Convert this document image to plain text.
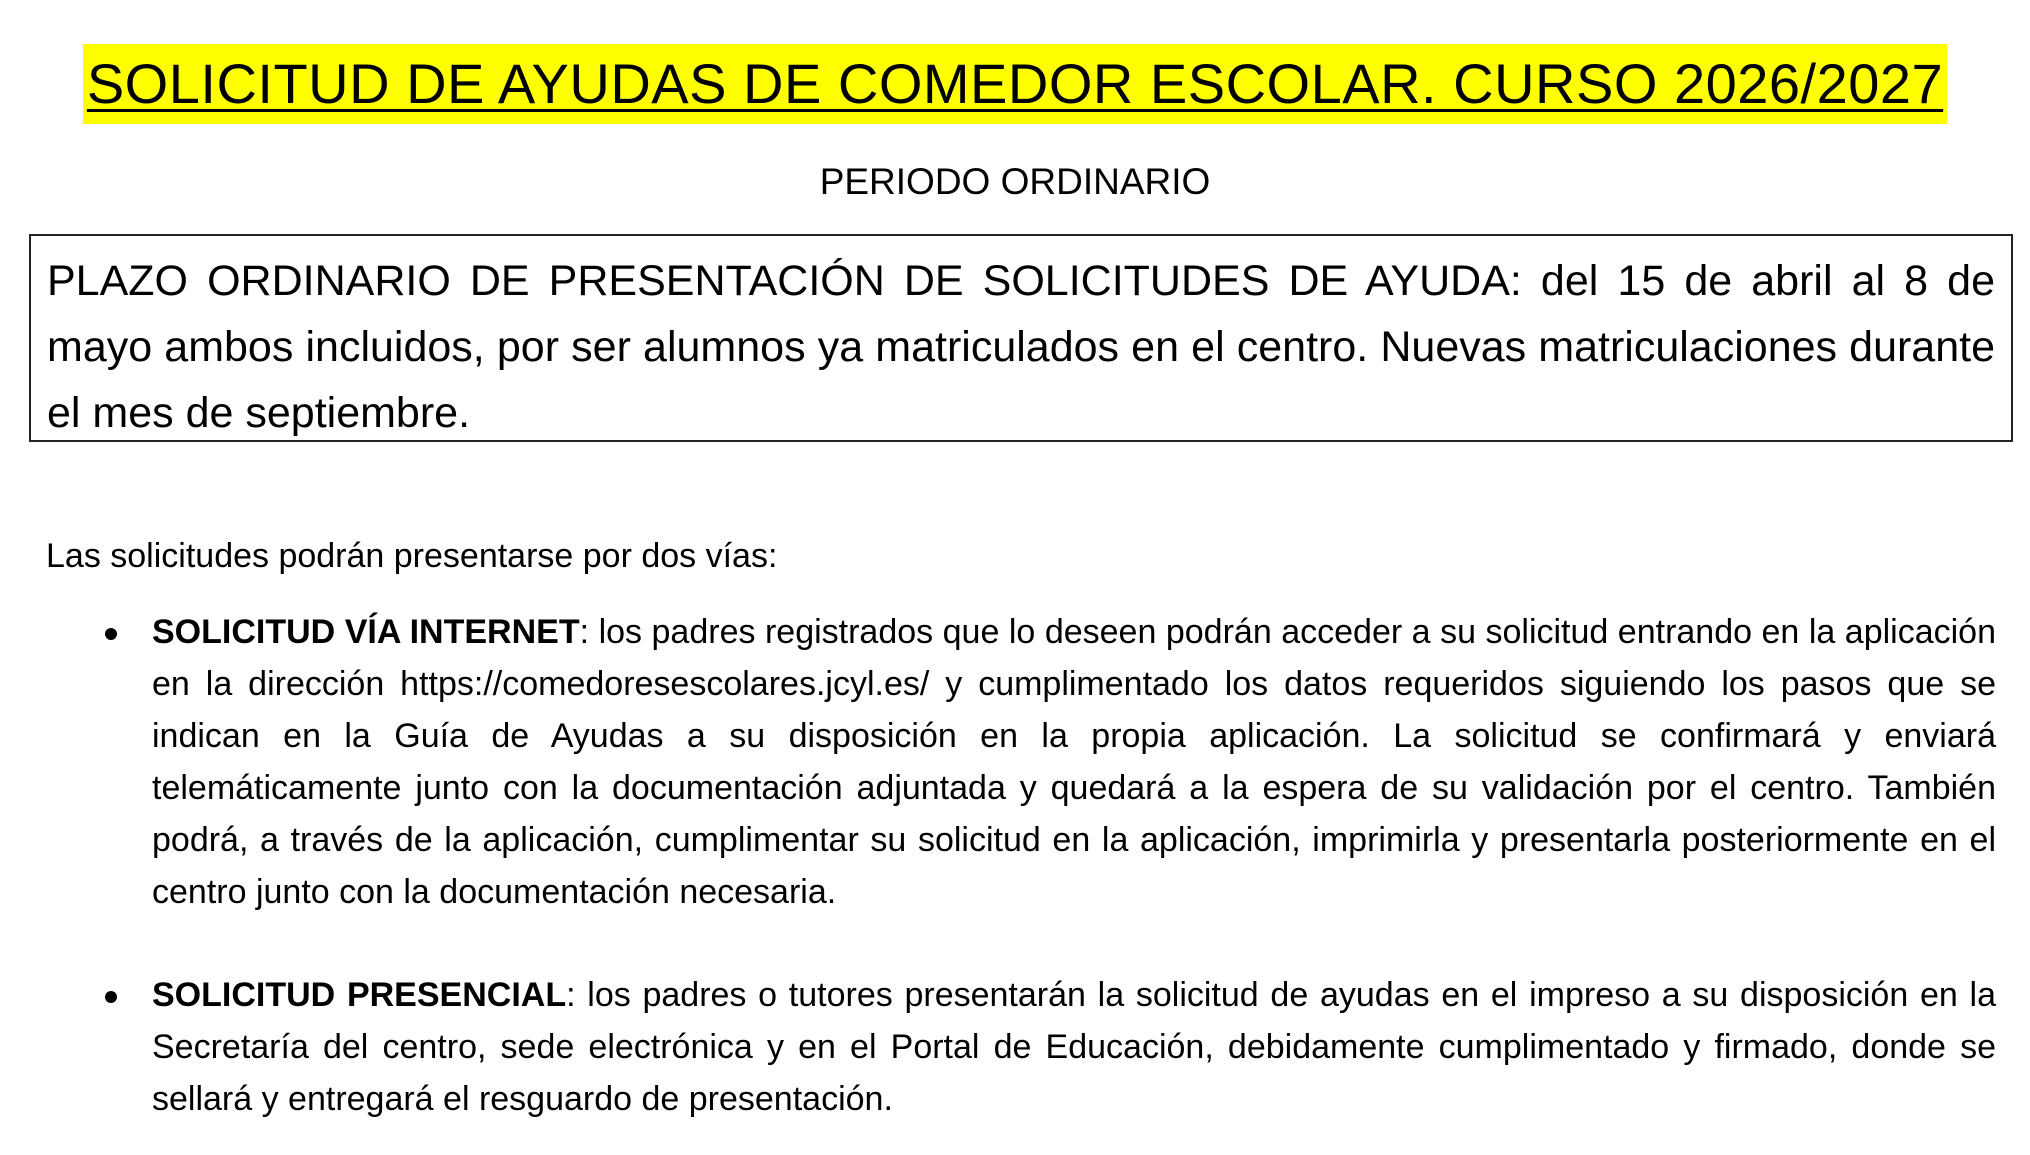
SOLICITUD DE AYUDAS DE COMEDOR ESCOLAR. CURSO 2026/2027
PERIODO ORDINARIO
PLAZO ORDINARIO DE PRESENTACIÓN DE SOLICITUDES DE AYUDA: del 15 de abril al 8 de mayo ambos incluidos, por ser alumnos ya matriculados en el centro. Nuevas matriculaciones durante el mes de septiembre.
Las solicitudes podrán presentarse por dos vías:
SOLICITUD VÍA INTERNET: los padres registrados que lo deseen podrán acceder a su solicitud entrando en la aplicación en la dirección https://comedoresescolares.jcyl.es/ y cumplimentado los datos requeridos siguiendo los pasos que se indican en la Guía de Ayudas a su disposición en la propia aplicación. La solicitud se confirmará y enviará telemáticamente junto con la documentación adjuntada y quedará a la espera de su validación por el centro. También podrá, a través de la aplicación, cumplimentar su solicitud en la aplicación, imprimirla y presentarla posteriormente en el centro junto con la documentación necesaria.
SOLICITUD PRESENCIAL: los padres o tutores presentarán la solicitud de ayudas en el impreso a su disposición en la Secretaría del centro, sede electrónica y en el Portal de Educación, debidamente cumplimentado y firmado, donde se sellará y entregará el resguardo de presentación.
